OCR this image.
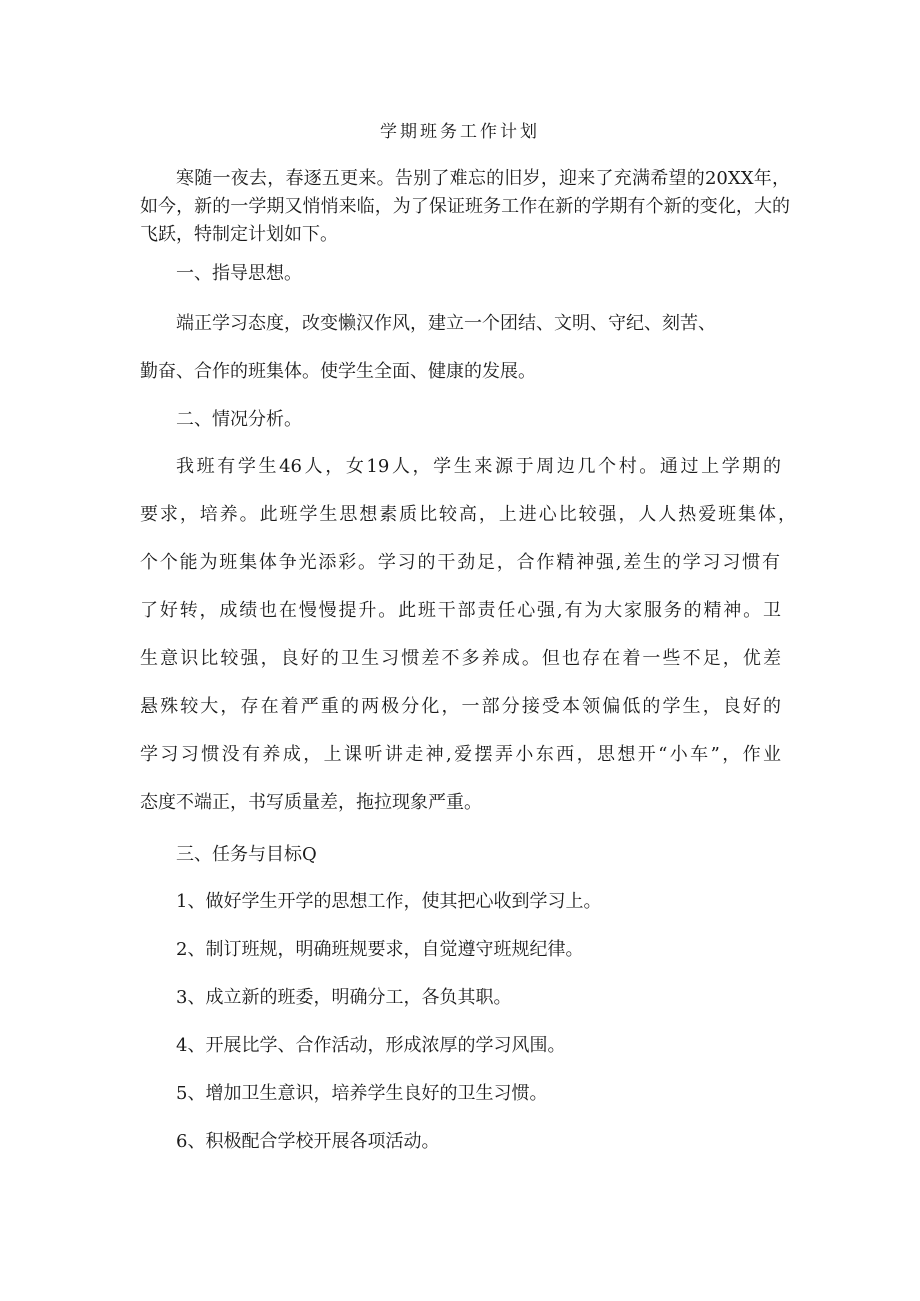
学期班务工作计划
寒随一夜去，春逐五更来。告别了难忘的旧岁，迎来了充满希望的20XX年，如今，新的一学期又悄悄来临，为了保证班务工作在新的学期有个新的变化，大的飞跃，特制定计划如下。
一、指导思想。
端正学习态度，改变懒汉作风，建立一个团结、文明、守纪、刻苦、
勤奋、合作的班集体。使学生全面、健康的发展。
二、情况分析。
我班有学生46人，女19人，学生来源于周边几个村。通过上学期的
要求，培养。此班学生思想素质比较高，上进心比较强，人人热爱班集体，
个个能为班集体争光添彩。学习的干劲足，合作精神强,差生的学习习惯有
了好转，成绩也在慢慢提升。此班干部责任心强,有为大家服务的精神。卫
生意识比较强，良好的卫生习惯差不多养成。但也存在着一些不足，优差
悬殊较大，存在着严重的两极分化，一部分接受本领偏低的学生，良好的
学习习惯没有养成，上课听讲走神,爱摆弄小东西，思想开“小车”，作业
态度不端正，书写质量差，拖拉现象严重。
三、任务与目标Q
1、做好学生开学的思想工作，使其把心收到学习上。
2、制订班规，明确班规要求，自觉遵守班规纪律。
3、成立新的班委，明确分工，各负其职。
4、开展比学、合作活动，形成浓厚的学习风围。
5、增加卫生意识，培养学生良好的卫生习惯。
6、积极配合学校开展各项活动。
